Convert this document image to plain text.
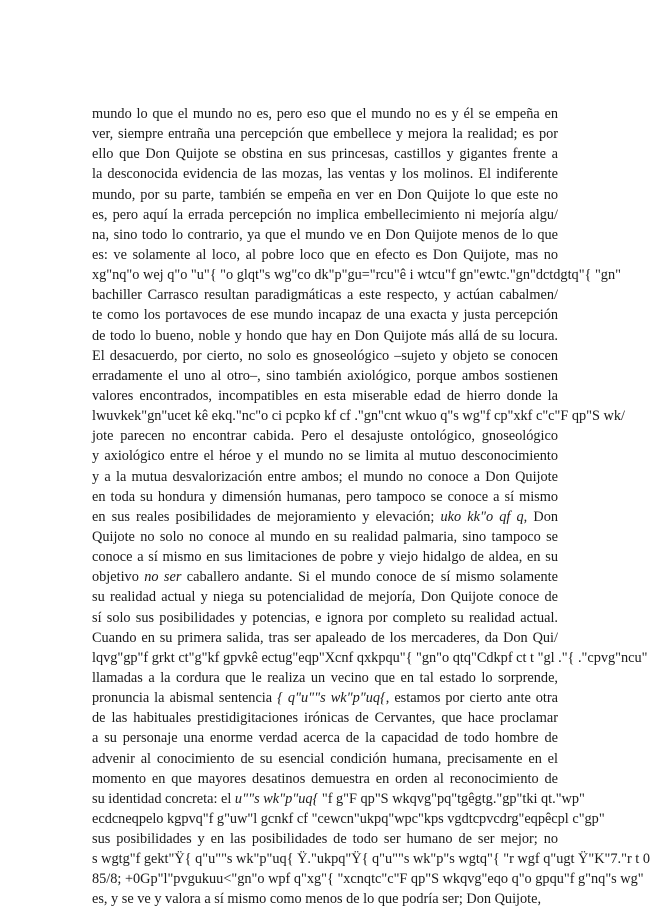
mundo lo que el mundo no es, pero eso que el mundo no es y él se empeña en
ver, siempre entraña una percepción que embellece y mejora la realidad; es por
ello que Don Quijote se obstina en sus princesas, castillos y gigantes frente a
la desconocida evidencia de las mozas, las ventas y los molinos. El indiferente
mundo, por su parte, también se empeña en ver en Don Quijote lo que este no
es, pero aquí la errada percepción no implica embellecimiento ni mejoría algu/
na, sino todo lo contrario, ya que el mundo ve en Don Quijote menos de lo que
es: ve solamente al loco, al pobre loco que en efecto es Don Quijote, mas no
xg"nq"o wej q"o "u"{ "o glqt"s wg"co dk"p"gu="rcu"ê i wtcu"f gn"ewtc."gn"dctdgtq"{ "gn"
bachiller Carrasco resultan paradigmáticas a este respecto, y actúan cabalmen/
te como los portavoces de ese mundo incapaz de una exacta y justa percepción
de todo lo bueno, noble y hondo que hay en Don Quijote más allá de su locura.
El desacuerdo, por cierto, no solo es gnoseológico –sujeto y objeto se conocen
erradamente el uno al otro–, sino también axiológico, porque ambos sostienen
valores encontrados, incompatibles en esta miserable edad de hierro donde la
lwuvkek"gn"ucet kê ekq."nc"o ci pcpko kf cf ."gn"cnt wkuo q"s wg"f cp"xkf c"c"F qp"S wk/
jote parecen no encontrar cabida. Pero el desajuste ontológico, gnoseológico
y axiológico entre el héroe y el mundo no se limita al mutuo desconocimiento
y a la mutua desvalorización entre ambos; el mundo no conoce a Don Quijote
en toda su hondura y dimensión humanas, pero tampoco se conoce a sí mismo
en sus reales posibilidades de mejoramiento y elevación; uko kk"o qf q, Don
Quijote no solo no conoce al mundo en su realidad palmaria, sino tampoco se
conoce a sí mismo en sus limitaciones de pobre y viejo hidalgo de aldea, en su
objetivo no ser caballero andante. Si el mundo conoce de sí mismo solamente
su realidad actual y niega su potencialidad de mejoría, Don Quijote conoce de
sí solo sus posibilidades y potencias, e ignora por completo su realidad actual.
Cuando en su primera salida, tras ser apaleado de los mercaderes, da Don Qui/
lqvg"gp"f grkt ct"g"kf gpvkê ectug"eqp"Xcnf qxkpqu"{ "gn"o qtq"Cdkpf ct t "gl ."{ ."cpvg"ncu"
llamadas a la cordura que le realiza un vecino que en tal estado lo sorprende,
pronuncia la abismal sentencia { q"u""s wk"p"uq{, estamos por cierto ante otra
de las habituales prestidigitaciones irónicas de Cervantes, que hace proclamar
a su personaje una enorme verdad acerca de la capacidad de todo hombre de
advenir al conocimiento de su esencial condición humana, precisamente en el
momento en que mayores desatinos demuestra en orden al reconocimiento de
su identidad concreta: el u""s wk"p"uq{ "f g"F qp"S wkqvg"pq"tgêgtg."gp"tki qt."wp"
ecdcneqpelo kgpvq"f g"uw"l gcnkf cf "cewcn"ukpq"wpc"kps vgdtcpvcdrg"eqpêcpl c"gp"
sus posibilidades y en las posibilidades de todo ser humano de ser mejor; no
s wgtg"f gekt"Ÿ{ q"u""s wk"p"uq{ Ÿ."ukpq"Ÿ{ q"u""s wk"p"s wgtq"{ "r wgf q"ugt Ÿ"K"7."r t 0
85/8; +0Gp"l"pvgukuu<"gn"o wpf q"xg"{ "xcnqtc"c"F qp"S wkqvg"eqo q"o gpqu"f g"nq"s wg"
es, y se ve y valora a sí mismo como menos de lo que podría ser; Don Quijote,
